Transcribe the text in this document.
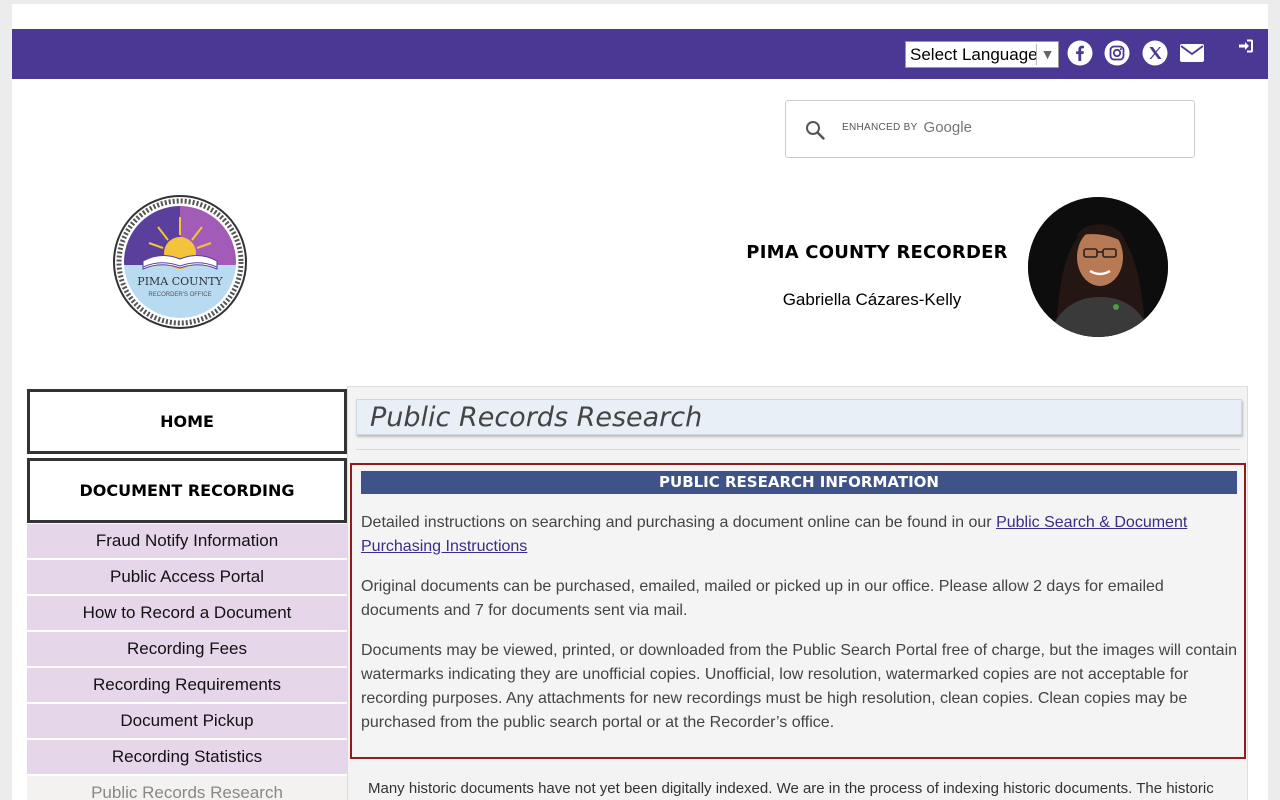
Select Language ▼
ENHANCED BY Google
PIMA COUNTY
RECORDER'S OFFICE
PIMA COUNTY RECORDER
Gabriella Cázares-Kelly
HOME
DOCUMENT RECORDING
Fraud Notify Information
Public Access Portal
How to Record a Document
Recording Fees
Recording Requirements
Document Pickup
Recording Statistics
Public Records Research
Public Records Research
PUBLIC RESEARCH INFORMATION
Detailed instructions on searching and purchasing a document online can be found in our Public Search & Document Purchasing Instructions
Original documents can be purchased, emailed, mailed or picked up in our office. Please allow 2 days for emailed documents and 7 for documents sent via mail.
Documents may be viewed, printed, or downloaded from the Public Search Portal free of charge, but the images will contain watermarks indicating they are unofficial copies. Unofficial, low resolution, watermarked copies are not acceptable for recording purposes. Any attachments for new recordings must be high resolution, clean copies. Clean copies may be purchased from the public search portal or at the Recorder’s office.
Many historic documents have not yet been digitally indexed. We are in the process of indexing historic documents. The historic
